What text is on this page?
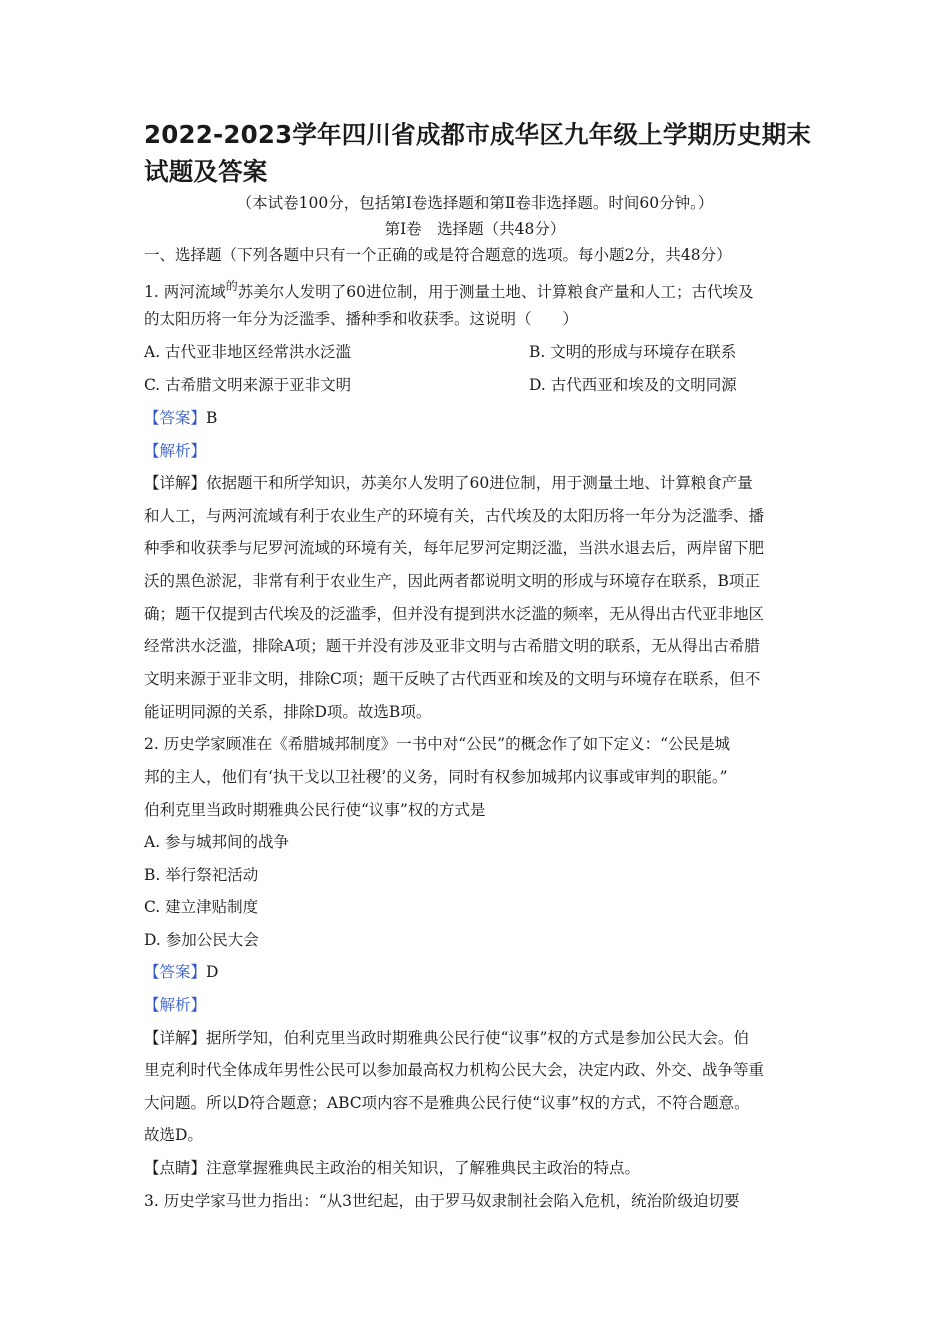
2022-2023学年四川省成都市成华区九年级上学期历史期末试题及答案
（本试卷100分，包括第Ⅰ卷选择题和第Ⅱ卷非选择题。时间60分钟。）
第Ⅰ卷　选择题（共48分）
一、选择题（下列各题中只有一个正确的或是符合题意的选项。每小题2分，共48分）
1. 两河流域$^的$苏美尔人发明了60进位制，用于测量土地、计算粮食产量和人工；古代埃及
的太阳历将一年分为泛滥季、播种季和收获季。这说明（　　）
A. 古代亚非地区经常洪水泛滥	B. 文明的形成与环境存在联系
C. 古希腊文明来源于亚非文明	D. 古代西亚和埃及的文明同源
【答案】B
【解析】
【详解】依据题干和所学知识，苏美尔人发明了60进位制，用于测量土地、计算粮食产量
和人工，与两河流域有利于农业生产的环境有关，古代埃及的太阳历将一年分为泛滥季、播
种季和收获季与尼罗河流域的环境有关，每年尼罗河定期泛滥，当洪水退去后，两岸留下肥
沃的黑色淤泥，非常有利于农业生产，因此两者都说明文明的形成与环境存在联系，B项正
确；题干仅提到古代埃及的泛滥季，但并没有提到洪水泛滥的频率，无从得出古代亚非地区
经常洪水泛滥，排除A项；题干并没有涉及亚非文明与古希腊文明的联系，无从得出古希腊
文明来源于亚非文明，排除C项；题干反映了古代西亚和埃及的文明与环境存在联系，但不
能证明同源的关系，排除D项。故选B项。
2. 历史学家顾准在《希腊城邦制度》一书中对“公民”的概念作了如下定义：“公民是城
邦的主人，他们有‘执干戈以卫社稷’的义务，同时有权参加城邦内议事或审判的职能。”
伯利克里当政时期雅典公民行使“议事”权的方式是
A. 参与城邦间的战争
B. 举行祭祀活动
C. 建立津贴制度
D. 参加公民大会
【答案】D
【解析】
【详解】据所学知，伯利克里当政时期雅典公民行使“议事”权的方式是参加公民大会。伯
里克利时代全体成年男性公民可以参加最高权力机构公民大会，决定内政、外交、战争等重
大问题。所以D符合题意；ABC项内容不是雅典公民行使“议事”权的方式，不符合题意。
故选D。
【点睛】注意掌握雅典民主政治的相关知识，了解雅典民主政治的特点。
3. 历史学家马世力指出：“从3世纪起，由于罗马奴隶制社会陷入危机，统治阶级迫切要
